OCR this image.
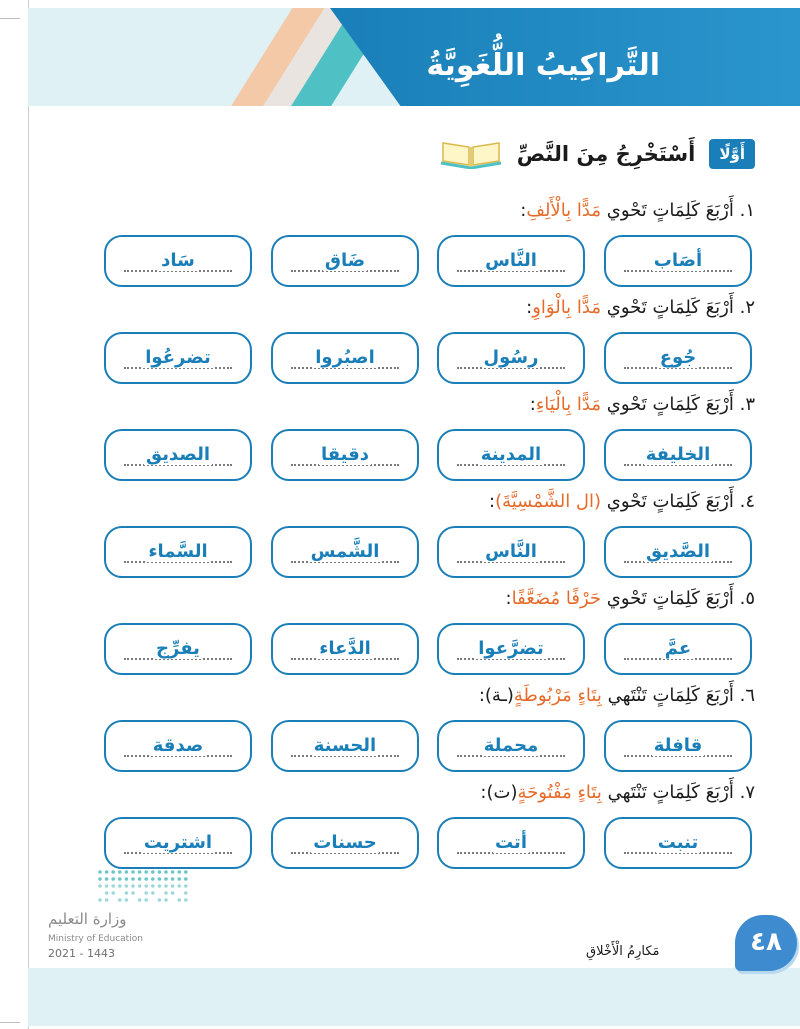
التَّراكِيبُ اللُّغَوِيَّةُ
أَوَّلًا
أَسْتَخْرِجُ مِنَ النَّصِّ
١. أَرْبَعَ كَلِمَاتٍ تَحْوي مَدًّا بِالْأَلِفِ:
أصَاب
النَّاس
ضَاق
سَاد
٢. أَرْبَعَ كَلِمَاتٍ تَحْوي مَدًّا بِالْوَاوِ:
جُوع
رسُول
اصبُروا
تضرعُوا
٣. أَرْبَعَ كَلِمَاتٍ تَحْوي مَدًّا بِالْيَاءِ:
الخليفة
المدينة
دقيقا
الصديق
٤. أَرْبَعَ كَلِمَاتٍ تَحْوي (ال الشَّمْسِيَّةَ):
الصَّديق
النَّاس
الشَّمس
السَّماء
٥. أَرْبَعَ كَلِمَاتٍ تَحْوي حَرْفًا مُضَعَّفًا:
عمَّ
تضرَّعوا
الدَّعاء
يفرِّج
٦. أَرْبَعَ كَلِمَاتٍ تَنْتَهي بِتَاءٍ مَرْبُوطَةٍ(ـة):
قافلة
محملة
الحسنة
صدقة
٧. أَرْبَعَ كَلِمَاتٍ تَنْتَهي بِتَاءٍ مَفْتُوحَةٍ(ت):
تنبت
أتت
حسنات
اشتريت
وزارة التعليم
Ministry of Education
2021 - 1443	مَكارِمُ الْأَخْلاقِ	٤٨
